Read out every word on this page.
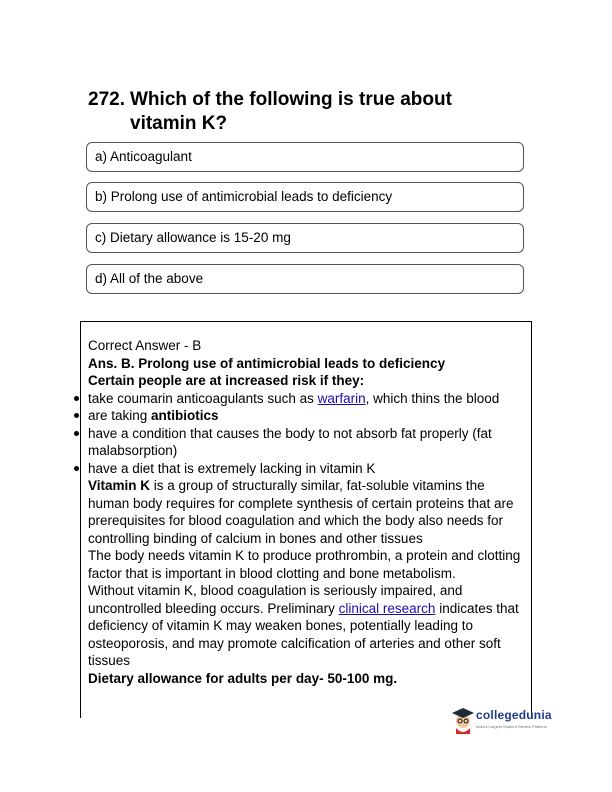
272. Which of the following is true about
vitamin K?
a) Anticoagulant
b) Prolong use of antimicrobial leads to deficiency
c) Dietary allowance is 15-20 mg
d) All of the above

Correct Answer - B

Ans. B. Prolong use of antimicrobial leads to deficiency

Certain people are at increased risk if they:

take coumarin anticoagulants such as warfarin, which thins the blood

are taking antibiotics

have a condition that causes the body to not absorb fat properly (fat malabsorption)

have a diet that is extremely lacking in vitamin K

Vitamin K is a group of structurally similar, fat-soluble vitamins the human body requires for complete synthesis of certain proteins that are prerequisites for blood coagulation and which the body also needs for controlling binding of calcium in bones and other tissues

The body needs vitamin K to produce prothrombin, a protein and clotting factor that is important in blood clotting and bone metabolism.

Without vitamin K, blood coagulation is seriously impaired, and uncontrolled bleeding occurs. Preliminary clinical research indicates that deficiency of vitamin K may weaken bones, potentially leading to osteoporosis, and may promote calcification of arteries and other soft tissues

Dietary allowance for adults per day- 50-100 mg.

collegedunia
India's Largest Student Review Platform
